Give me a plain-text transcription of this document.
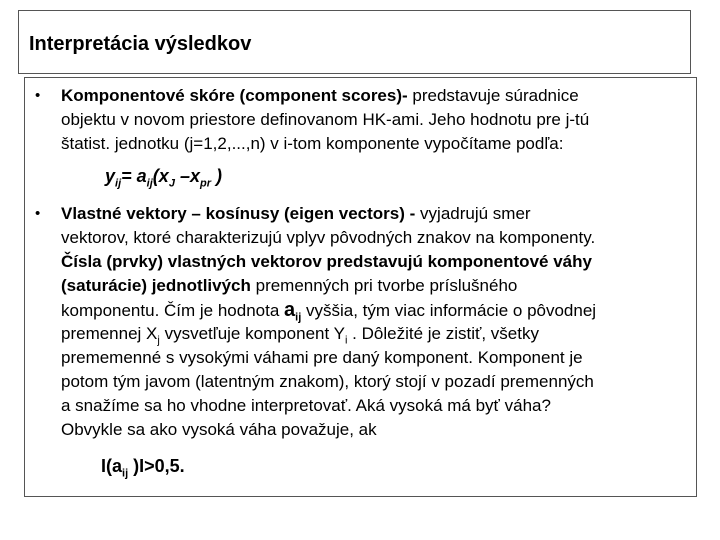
Interpretácia výsledkov
• Komponentové skóre (component scores)- predstavuje súradnice
objektu v novom priestore definovanom HK-ami. Jeho hodnotu pre j-tú
štatist. jednotku (j=1,2,...,n) v i-tom komponente vypočítame podľa:
$y_{ij}= a_{ij}(x_J$ $-x_{pr}$ )
• Vlastné vektory – kosínusy (eigen vectors) - vyjadrujú smer
vektorov, ktoré charakterizujú vplyv pôvodných znakov na komponenty.
Čísla (prvky) vlastných vektorov predstavujú komponentové váhy
(saturácie) jednotlivých premenných pri tvorbe príslušného
komponentu. Čím je hodnota $a_{ij}$ vyššia, tým viac informácie o pôvodnej
premennej $X_j$ vysvetľuje komponent $Y_i$ . Dôležité je zistiť, všetky
prememenné s vysokými váhami pre daný komponent. Komponent je
potom tým javom (latentným znakom), ktorý stojí v pozadí premenných
a snažíme sa ho vhodne interpretovať. Aká vysoká má byť váha?
Obvykle sa ako vysoká váha považuje, ak
$I(a_{ij}$ )I>0,5.
